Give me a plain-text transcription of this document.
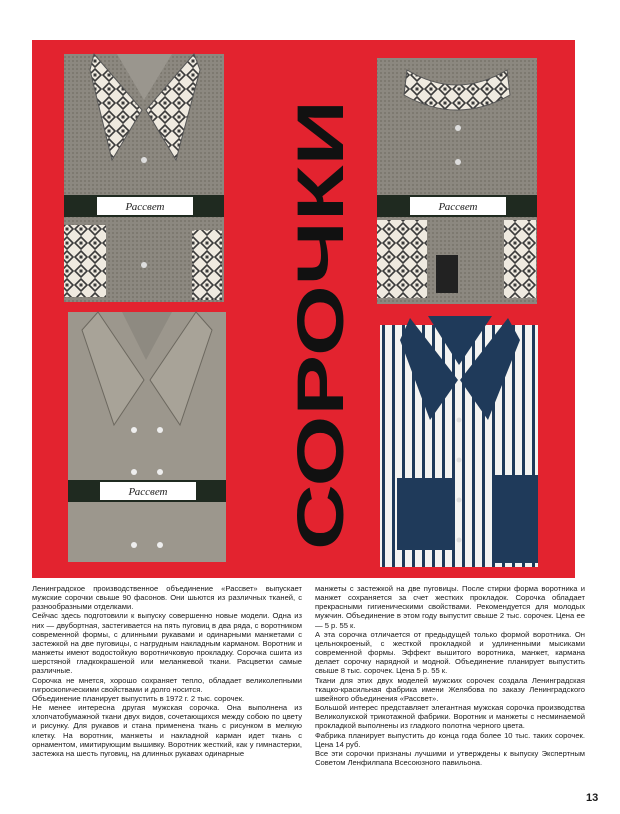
Рассвет	Рассвет
Рассвет СОРОЧКИ

Ленинградское производственное объединение «Рассвет» выпускает мужские сорочки свыше 90 фасонов. Они шьются из различных тканей, с разнообразными отделками.

Сейчас здесь подготовили к выпуску совершенно новые модели. Одна из них — двубортная, застегивается на пять пуговиц в два ряда, с воротником современной формы, с длинными рукавами и одинарными манжетами с застежкой на две пуговицы, с нагрудным накладным карманом. Воротник и манжеты имеют водостойкую воротничковую прокладку. Сорочка сшита из шерстяной гладкокрашеной или меланжевой ткани. Расцветки самые различные.

Сорочка не мнется, хорошо сохраняет тепло, обладает великолепными гигроскопическими свойствами и долго носится.

Объединение планирует выпустить в 1972 г. 2 тыс. сорочек.

Не менее интересна другая мужская сорочка. Она выполнена из хлопчатобумажной ткани двух видов, сочетающихся между собою по цвету и рисунку. Для рукавов и стана применена ткань с рисунком в мелкую клетку. На воротник, манжеты и накладной карман идет ткань с орнаментом, имитирующим вышивку. Воротник жесткий, как у гимнастерки, застежка на шесть пуговиц, на длинных рукавах одинарные

манжеты с застежкой на две пуговицы. После стирки форма воротника и манжет сохраняется за счет жестких прокладок. Сорочка обладает прекрасными гигиеническими свойствами. Рекомендуется для молодых мужчин. Объединение в этом году выпустит свыше 2 тыс. сорочек. Цена ее — 5 р. 55 к.

А эта сорочка отличается от предыдущей только формой воротника. Он цельнокроеный, с жесткой прокладкой и удлиненными мысиками современной формы. Эффект вышитого воротника, манжет, кармана делает сорочку нарядной и модной. Объединение планирует выпустить свыше 8 тыс. сорочек. Цена 5 р. 55 к.

Ткани для этих двух моделей мужских сорочек создала Ленинградская ткацко-красильная фабрика имени Желябова по заказу Ленинградского швейного объединения «Рассвет».

Большой интерес представляет элегантная мужская сорочка производства Великолукской трикотажной фабрики. Воротник и манжеты с несминаемой прокладкой выполнены из гладкого полотна черного цвета.

Фабрика планирует выпустить до конца года более 10 тыс. таких сорочек. Цена 14 руб.

Все эти сорочки признаны лучшими и утверждены к выпуску Экспертным Советом Ленфилпапа Всесоюзного павильона.

13
